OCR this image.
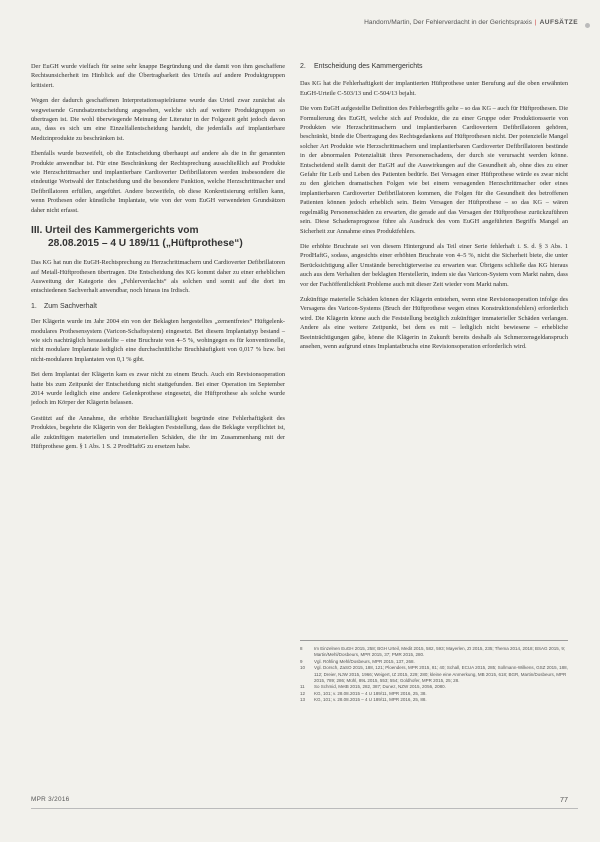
Handorn/Martin, Der Fehlerverdacht in der Gerichtspraxis | AUFSÄTZE

Der EuGH wurde vielfach für seine sehr knappe Begründung und die damit von ihm geschaffene Rechtsunsicherheit im Hinblick auf die Übertragbarkeit des Urteils auf andere Produktgruppen kritisiert.

Wegen der dadurch geschaffenen Interpretationsspielräume wurde das Urteil zwar zunächst als wegweisende Grundsatzentscheidung angesehen, welche sich auf weitere Produktgruppen so übertragen ist. Die wohl überwiegende Meinung der Literatur in der Folgezeit geht jedoch davon aus, dass es sich um eine Einzelfallentscheidung handelt, die jedenfalls auf implantierbare Medizinprodukte zu beschränken ist.

Ebenfalls wurde bezweifelt, ob die Entscheidung überhaupt auf andere als die in ihr genannten Produkte anwendbar ist. Für eine Beschränkung der Rechtsprechung ausschließlich auf Produkte wie Herzschrittmacher und implantierbare Cardioverter Defibrillatoren werden insbesondere die eindeutige Wortwahl der Entscheidung und die besondere Funktion, welche Herzschrittmacher und Defibrillatoren erfüllen, angeführt. Andere bezweifeln, ob diese Konkretisierung erfüllen kann, wenn Prothesen oder künstliche Implantate, wie von der vom EuGH verwendeten Grundsätzen daher nicht erfasst.

III. Urteil des Kammergerichts vom
28.08.2015 – 4 U 189/11 („Hüftprothese“)

Das KG hat nun die EuGH-Rechtsprechung zu Herzschrittmachern und Cardioverter Defibrillatoren auf Metall-Hüftprothesen übertragen. Die Entscheidung des KG kommt daher zu einer erheblichen Ausweitung der Kategorie des „Fehlerverdachts“ als solchen und somit auf die dort im entschiedenen Sachverhalt anwendbar, noch hinaus ins Irdisch.

1. Zum Sachverhalt

Der Klägerin wurde im Jahr 2004 ein von der Beklagten hergestelltes „zementfreies“ Hüftgelenk-modulares Prothesensystem (Varicon-Schaftsystem) eingesetzt. Bei diesem Implantattyp bestand – wie sich nachträglich herausstellte – eine Bruchrate von 4–5 %, wohingegen es für konventionelle, nicht modulare Implantate lediglich eine durchschnittliche Bruchhäufigkeit von 0,017 % bzw. bei nicht-modularen Implantaten von 0,1 % gibt.

Bei dem Implantat der Klägerin kam es zwar nicht zu einem Bruch. Auch ein Revisionsoperation hatte bis zum Zeitpunkt der Entscheidung nicht stattgefunden. Bei einer Operation im September 2014 wurde lediglich eine andere Gelenkprothese eingesetzt, die Hüftprothese als solche wurde jedoch im Körper der Klägerin belassen.

Gestützt auf die Annahme, die erhöhte Bruchanfälligkeit begründe eine Fehlerhaftigkeit des Produktes, begehrte die Klägerin von der Beklagten Feststellung, dass die Beklagte verpflichtet ist, alle zukünftigen materiellen und immateriellen Schäden, die ihr im Zusammenhang mit der Hüftprothese gem. § 1 Abs. 1 S. 2 ProdHaftG zu ersetzen habe.

2. Entscheidung des Kammergerichts

Das KG hat die Fehlerhaftigkeit der implantierten Hüftprothese unter Berufung auf die oben erwähnten EuGH-Urteile C-503/13 und C-504/13 bejaht.

Die vom EuGH aufgestellte Definition des Fehlerbegriffs gelte – so das KG – auch für Hüftprothesen. Die Formulierung des EuGH, welche sich auf Produkte, die zu einer Gruppe oder Produktionsserie von Produkten wie Herzschrittmachern und implantierbaren Cardiovertern Defibrillatoren gehören, beschränkt, binde die Übertragung des Rechtsgedankens auf Hüftprothesen nicht. Der potenzielle Mangel solcher Art Produkte wie Herzschrittmachern und implantierbaren Cardioverter Defibrillatoren bestünde in der abnormalen Potenzialität ihres Personenschadens, der durch sie verursacht werden könne. Entscheidend stellt damit der EuGH auf die Auswirkungen auf die Gesundheit ab, ohne dies zu einer Gefahr für Leib und Leben des Patienten bedürfe. Bei Versagen einer Hüftprothese würde es zwar nicht zu den gleichen dramatischen Folgen wie bei einem versagenden Herzschrittmacher oder eines implantierbaren Cardioverter Defibrillatoren kommen, die Folgen für die Gesundheit des betroffenen Patienten können jedoch erheblich sein. Beim Versagen der Hüftprothese – so das KG – wären regelmäßig Personenschäden zu erwarten, die gerade auf das Versagen der Hüftprothese zurückzuführen sein. Diese Schadensprognose führe als Ausdruck des vom EuGH angeführten Begriffs Mangel an Sicherheit zur Annahme eines Produktfehlers.

Die erhöhte Bruchrate sei von diesem Hintergrund als Teil einer Serie fehlerhaft i. S. d. § 3 Abs. 1 ProdHaftG, sodass, angesichts einer erhöhten Bruchrate von 4–5 %, nicht die Sicherheit biete, die unter Berücksichtigung aller Umstände berechtigterweise zu erwarten war. Übrigens schließe das KG hieraus auch aus dem Verhalten der beklagten Herstellerin, indem sie das Varicon-System vom Markt nahm, dass vor der Fachöffentlichkeit Probleme auch mit dieser Zeit wieder vom Markt nahm.

Zukünftige materielle Schäden können der Klägerin entstehen, wenn eine Revisionsoperation infolge des Versagens des Varicon-Systems (Bruch der Hüftprothese wegen eines Konstruktionsfehlers) erforderlich wird. Die Klägerin könne auch die Feststellung bezüglich zukünftiger immaterieller Schäden verlangen. Andere als eine weitere Zeitpunkt, bei dem es mit – lediglich nicht bewiesene – erhebliche Beeinträchtigungen gäbe, könne die Klägerin in Zukunft bereits deshalb als Schmerzensgeldanspruch ansehen, wenn aufgrund eines Implantatbruchs eine Revisionsoperation erforderlich wird.

8	Im Einzelnen EuGH 2015, 258; BGH Urteil, Medit 2015, 582, 593; Mayerlen, ZI 2015, 235; Thema 2014, 2018; BSAG 2015, 9; Martin/Mehl/Dosbeurs, MPR 2015, 37; PMR 2015, 280.
9	Vgl. Röhling Mehl/Dosbeurs, MPR 2015, 137, 268.
10	Vgl. Dorsch, ZaSO 2015, 188, 121; Ploenders, MPR 2015, 81; 40; Schall, ECUA 2015, 285; Sollmann-Wilkens, GSZ 2015, 188, 112; Dreier, NJW 2015, 1966; Weigert, IZ 2015, 229; 280; kleine eine Anmerkung, MB 2015, 618; BGR, Martin/Dosbeurs, MPR 2015, 789; 286; Mühl, 89L 2015, 553; 554; Goldhofer, MPR 2015, 25; 28.
11	So Schmid, MetB 2015, 282, 387; Dunez, NZW 2015, 2056, 2080.
12	KG, 101; v. 28.08.2015 – 4 U 189/11, MPR 2016, 25, 38.
13	KG, 101; v. 28.08.2015 – 4 U 189/11, MPR 2016, 25, 88.
MPR 3/2016	77
